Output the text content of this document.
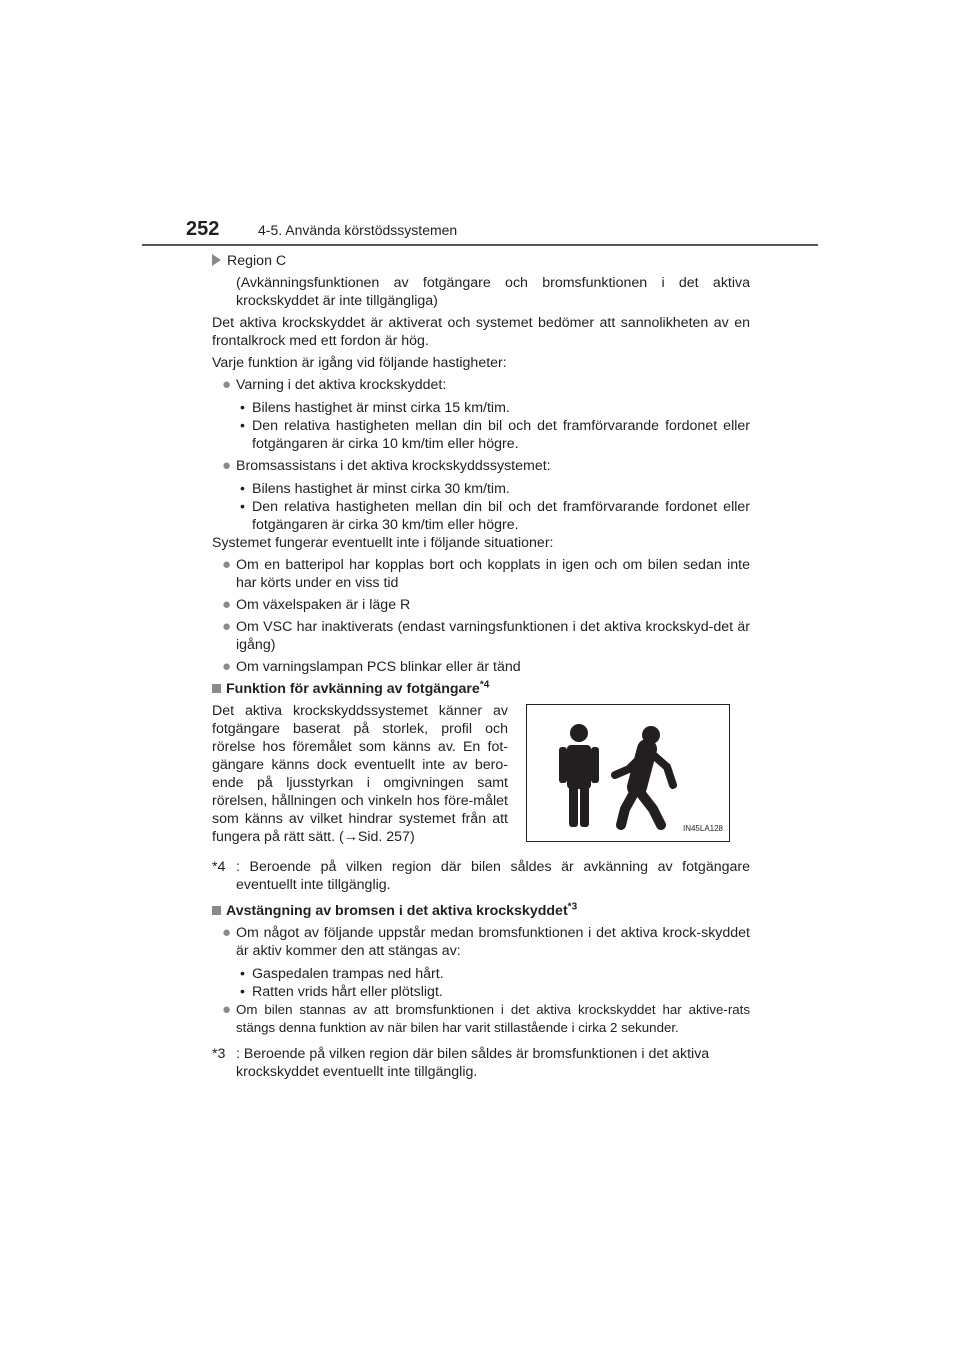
252	4-5. Använda körstödssystemen

Region C

(Avkänningsfunktionen av fotgängare och bromsfunktionen i det aktiva krockskyddet är inte tillgängliga)

Det aktiva krockskyddet är aktiverat och systemet bedömer att sannolikheten av en frontalkrock med ett fordon är hög.

Varje funktion är igång vid följande hastigheter:

● Varning i det aktiva krockskyddet:
• Bilens hastighet är minst cirka 15 km/tim.
• Den relativa hastigheten mellan din bil och det framförvarande fordonet eller fotgängaren är cirka 10 km/tim eller högre.
● Bromsassistans i det aktiva krockskyddssystemet:
• Bilens hastighet är minst cirka 30 km/tim.
• Den relativa hastigheten mellan din bil och det framförvarande fordonet eller fotgängaren är cirka 30 km/tim eller högre.

Systemet fungerar eventuellt inte i följande situationer:

● Om en batteripol har kopplas bort och kopplats in igen och om bilen sedan inte har körts under en viss tid
● Om växelspaken är i läge R
● Om VSC har inaktiverats (endast varningsfunktionen i det aktiva krockskyd-det är igång)
● Om varningslampan PCS blinkar eller är tänd
Funktion för avkänning av fotgängare$^{*4}$
Det aktiva krockskyddssystemet känner av fotgängare baserat på storlek, profil och rörelse hos föremålet som känns av. En fot-gängare känns dock eventuellt inte av bero-ende på ljusstyrkan i omgivningen samt rörelsen, hållningen och vinkeln hos före-målet som känns av vilket hindrar systemet från att fungera på rätt sätt. (→Sid. 257)
IN45LA128
*4 : Beroende på vilken region där bilen såldes är avkänning av fotgängare eventuellt inte tillgänglig.
Avstängning av bromsen i det aktiva krockskyddet$^{*3}$
● Om något av följande uppstår medan bromsfunktionen i det aktiva krock-skyddet är aktiv kommer den att stängas av:
• Gaspedalen trampas ned hårt.
• Ratten vrids hårt eller plötsligt.
● Om bilen stannas av att bromsfunktionen i det aktiva krockskyddet har aktive-rats stängs denna funktion av när bilen har varit stillastående i cirka 2 sekunder.
*3 : Beroende på vilken region där bilen såldes är bromsfunktionen i det aktiva krockskyddet eventuellt inte tillgänglig.
